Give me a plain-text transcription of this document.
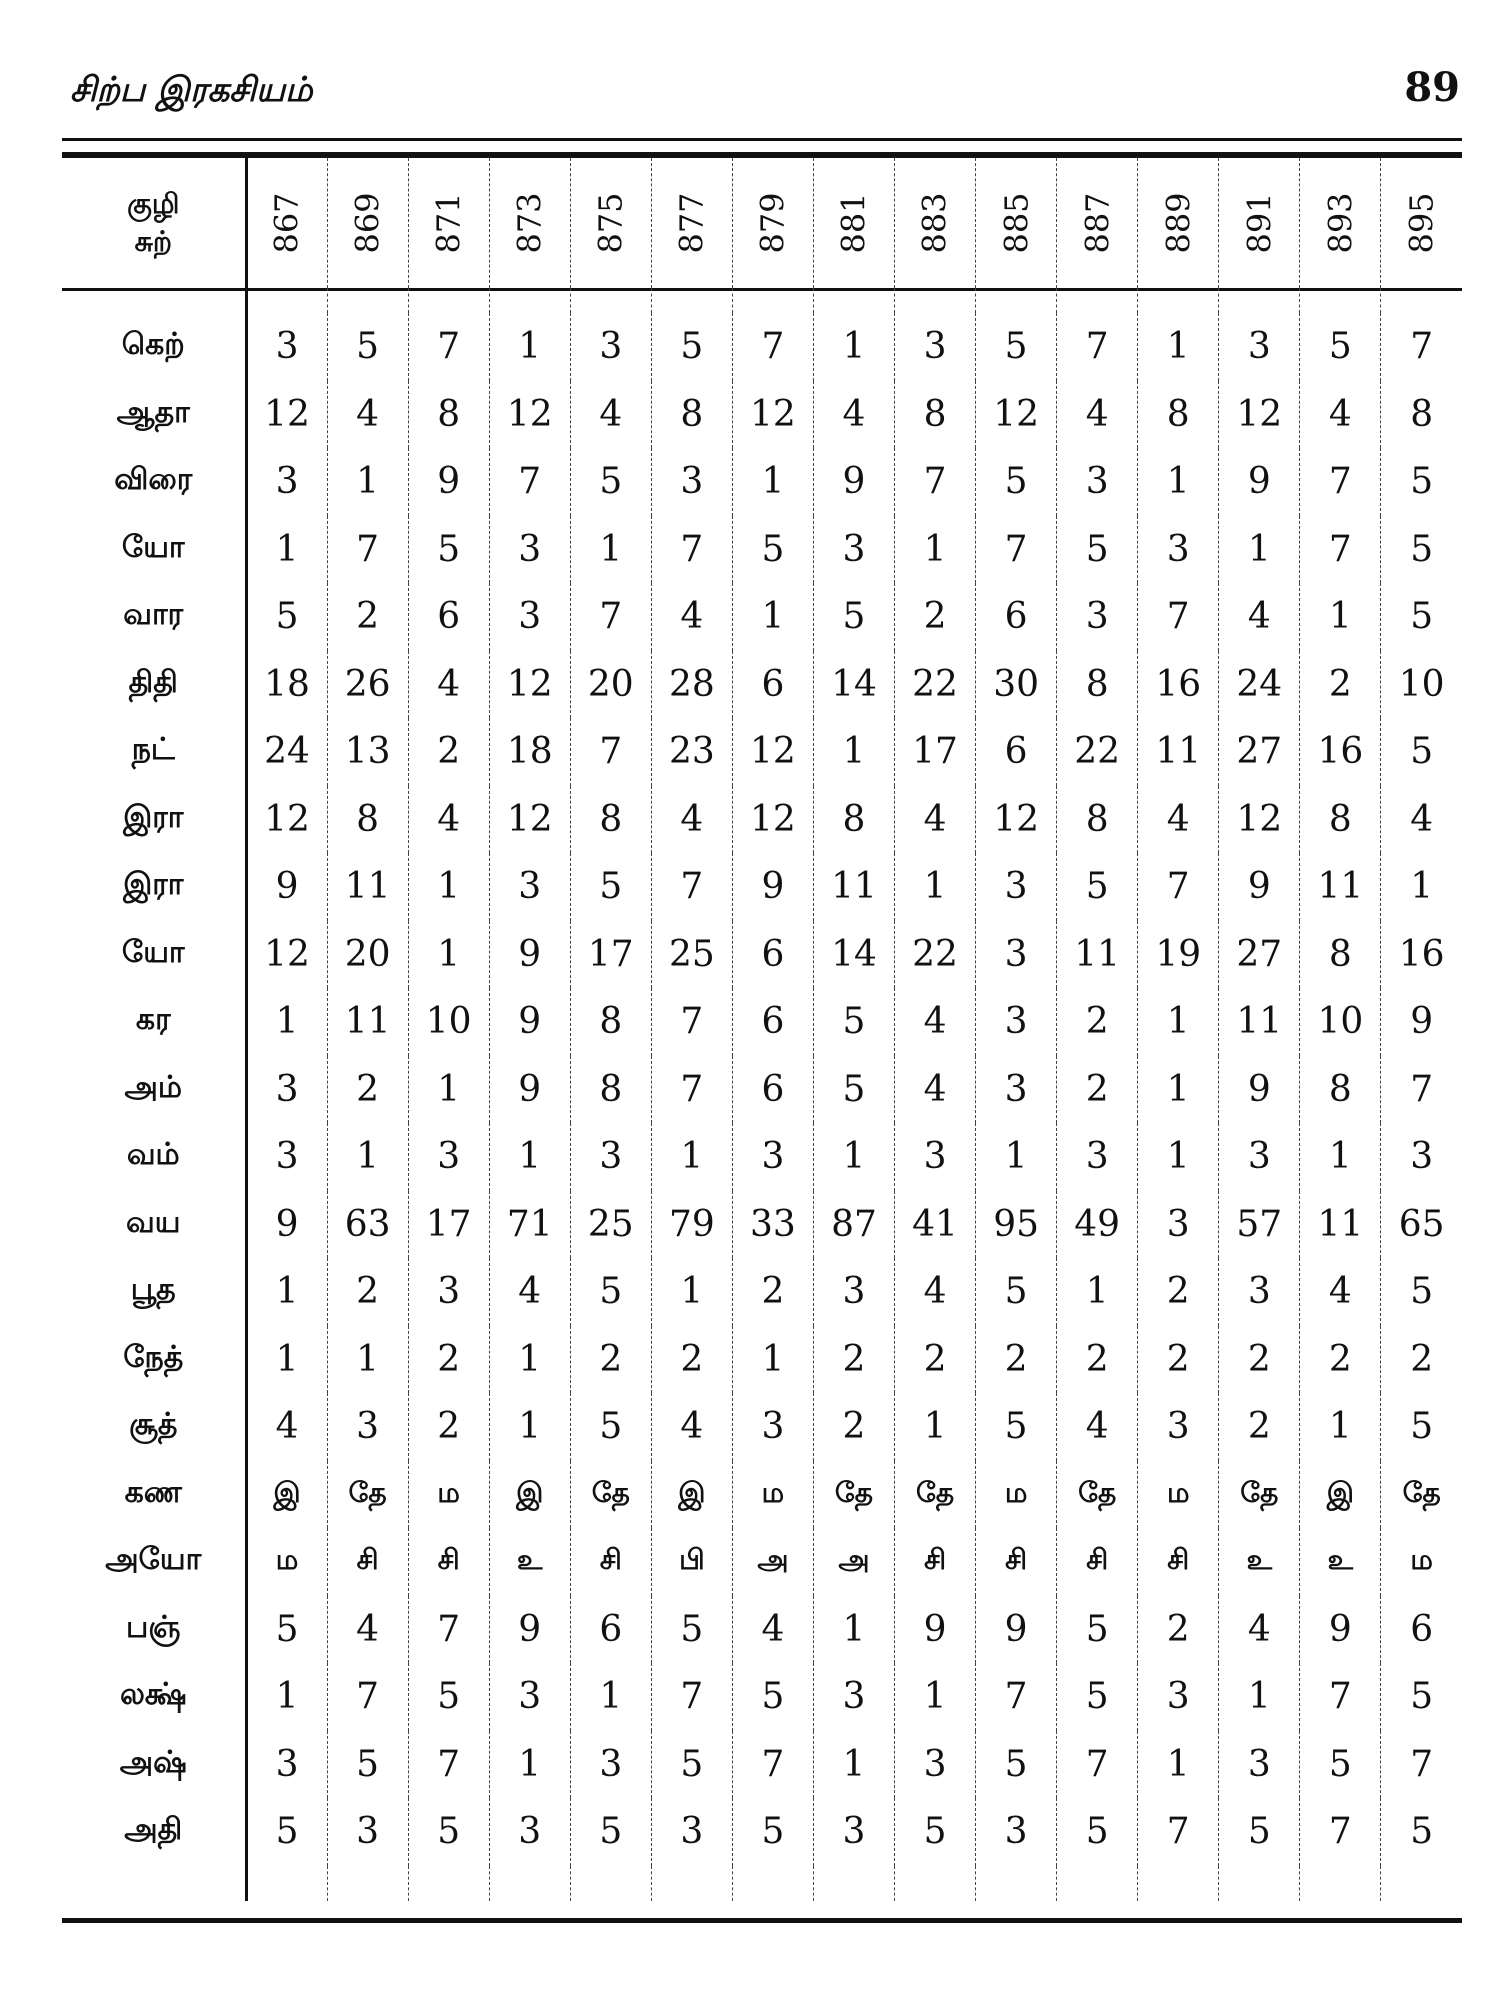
சிற்ப இரகசியம்	89
குழி
சுற்	867	869	871	873	875	877	879	881	883	885	887	889	891	893	895

கெற்	3	5	7	1	3	5	7	1	3	5	7	1	3	5	7
ஆதா	12	4	8	12	4	8	12	4	8	12	4	8	12	4	8
விரை	3	1	9	7	5	3	1	9	7	5	3	1	9	7	5
யோ	1	7	5	3	1	7	5	3	1	7	5	3	1	7	5
வார	5	2	6	3	7	4	1	5	2	6	3	7	4	1	5
திதி	18	26	4	12	20	28	6	14	22	30	8	16	24	2	10
நட்	24	13	2	18	7	23	12	1	17	6	22	11	27	16	5
இரா	12	8	4	12	8	4	12	8	4	12	8	4	12	8	4
இரா	9	11	1	3	5	7	9	11	1	3	5	7	9	11	1
யோ	12	20	1	9	17	25	6	14	22	3	11	19	27	8	16
கர	1	11	10	9	8	7	6	5	4	3	2	1	11	10	9
அம்	3	2	1	9	8	7	6	5	4	3	2	1	9	8	7
வம்	3	1	3	1	3	1	3	1	3	1	3	1	3	1	3
வய	9	63	17	71	25	79	33	87	41	95	49	3	57	11	65
பூத	1	2	3	4	5	1	2	3	4	5	1	2	3	4	5
நேத்	1	1	2	1	2	2	1	2	2	2	2	2	2	2	2
சூத்	4	3	2	1	5	4	3	2	1	5	4	3	2	1	5
கண	இ	தே	ம	இ	தே	இ	ம	தே	தே	ம	தே	ம	தே	இ	தே
அயோ	ம	சி	சி	உ	சி	பி	அ	அ	சி	சி	சி	சி	உ	உ	ம
பஞ்	5	4	7	9	6	5	4	1	9	9	5	2	4	9	6
லக்ஷ்	1	7	5	3	1	7	5	3	1	7	5	3	1	7	5
அஷ்	3	5	7	1	3	5	7	1	3	5	7	1	3	5	7
அதி	5	3	5	3	5	3	5	3	5	3	5	7	5	7	5
